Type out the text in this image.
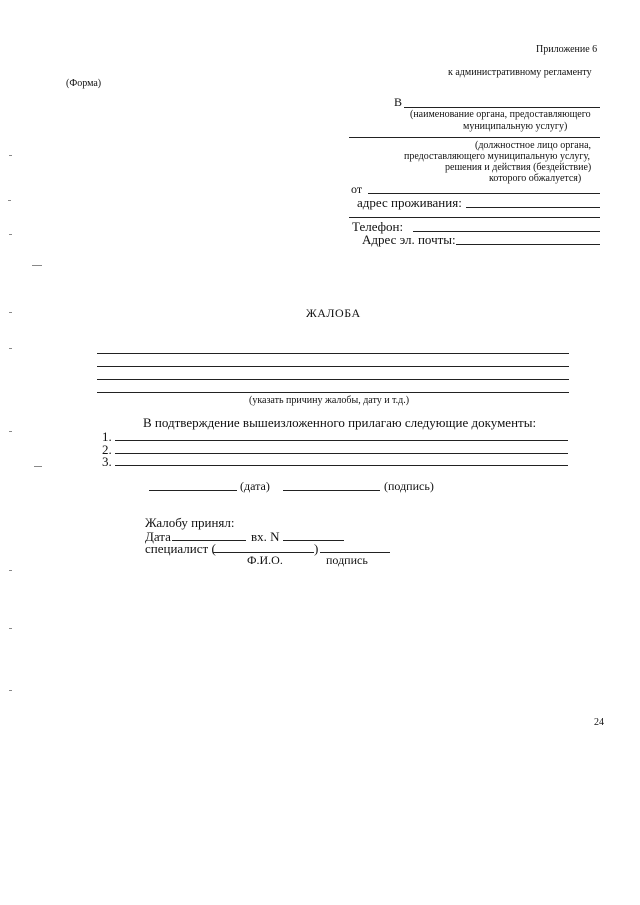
Приложение 6
к административному регламенту
(Форма)
В
(наименование органа, предоставляющего
муниципальную услугу)
(должностное лицо органа,
предоставляющего муниципальную услугу,
решения и действия (бездействие)
которого обжалуется)
от
адрес проживания:
Телефон:
Адрес эл. почты:
ЖАЛОБА
(указать причину жалобы, дату и т.д.)
В подтверждение вышеизложенного прилагаю следующие документы:
1.
2.
3.
(дата)	(подпись)
Жалобу принял:
Дата	вх. N
специалист (	)
Ф.И.О.	подпись
24
